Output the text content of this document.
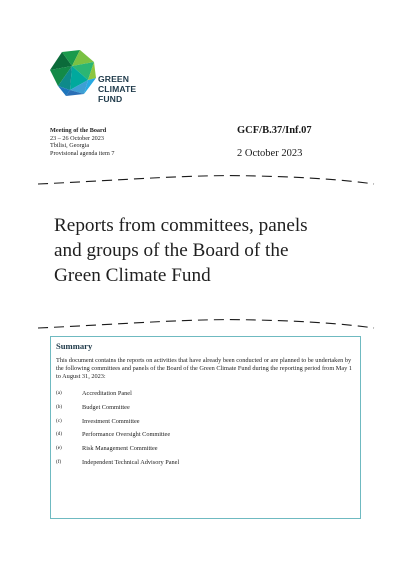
GREEN
CLIMATE
FUND
Meeting of the Board
23 – 26 October 2023
Tbilisi, Georgia
Provisional agenda item 7
GCF/B.37/Inf.07
2 October 2023
Reports from committees, panels
and groups of the Board of the
Green Climate Fund
Summary
This document contains the reports on activities that have already been conducted or are planned to be undertaken by the following committees and panels of the Board of the Green Climate Fund during the reporting period from May 1 to August 31, 2023:
(a)	Accreditation Panel
(b)	Budget Committee
(c)	Investment Committee
(d)	Performance Oversight Committee
(e)	Risk Management Committee
(f)	Independent Technical Advisory Panel
